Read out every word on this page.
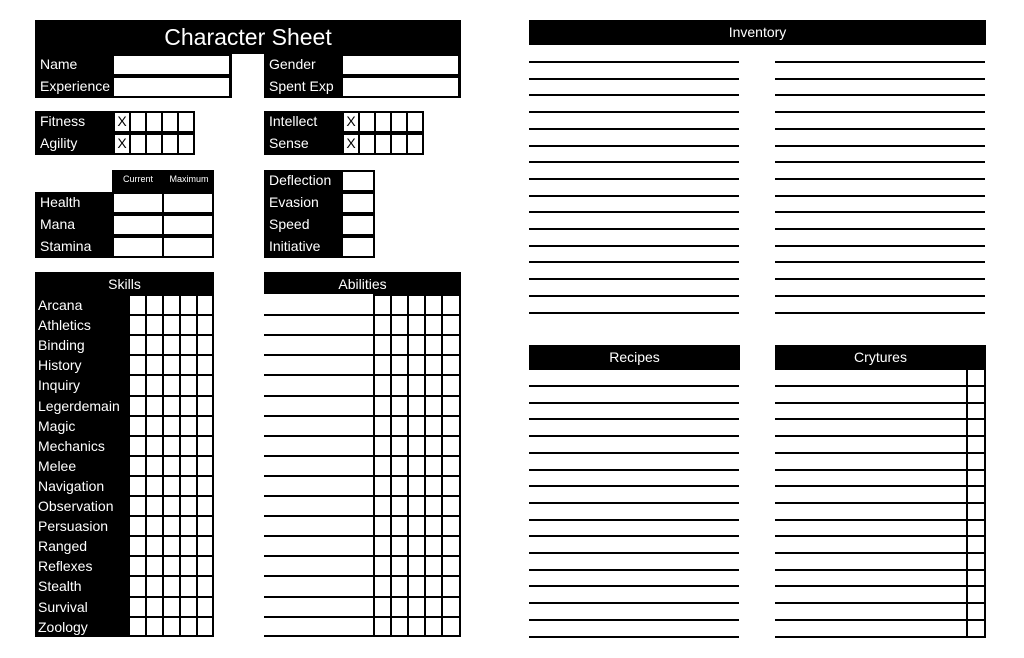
Character Sheet
Name
Experience
Gender
Spent Exp
Fitness	X
Agility	X
Intellect	X
Sense	X
Current	Maximum
Health
Mana
Stamina
Deflection
Evasion
Speed
Initiative
Skills
Arcana
Athletics
Binding
History
Inquiry
Legerdemain
Magic
Mechanics
Melee
Navigation
Observation
Persuasion
Ranged
Reflexes
Stealth
Survival
Zoology
Abilities
Inventory
Recipes	Crytures
